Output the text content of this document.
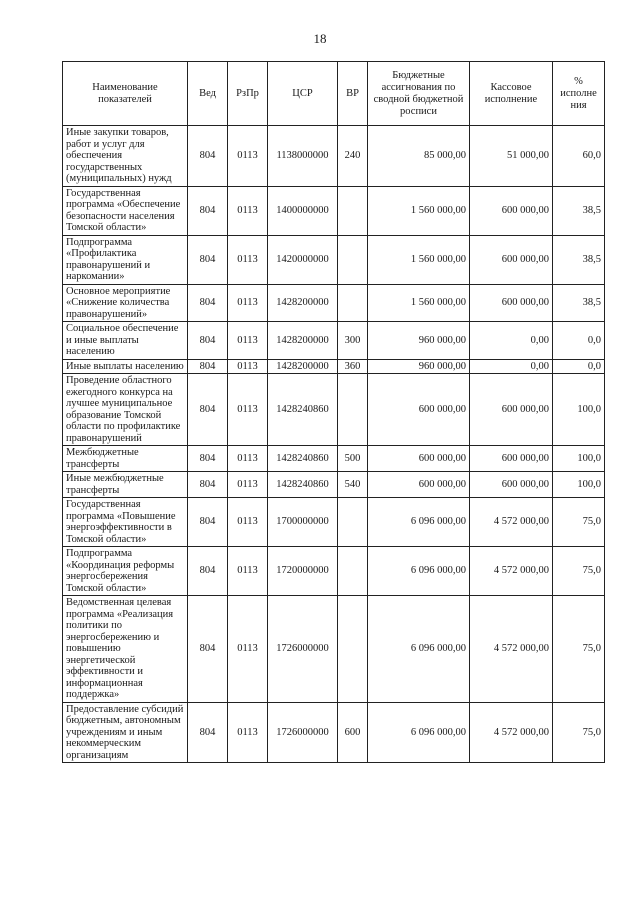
18
Наименование показателей	Вед	РзПр	ЦСР	ВР	Бюджетные ассигнования по сводной бюджетной росписи	Кассовое исполнение	% исполне ния
Иные закупки товаров, работ и услуг для обеспечения государственных (муниципальных) нужд	804	0113	1138000000	240	85 000,00	51 000,00	60,0
Государственная программа «Обеспечение безопасности населения Томской области»	804	0113	1400000000		1 560 000,00	600 000,00	38,5
Подпрограмма «Профилактика правонарушений и наркомании»	804	0113	1420000000		1 560 000,00	600 000,00	38,5
Основное мероприятие «Снижение количества правонарушений»	804	0113	1428200000		1 560 000,00	600 000,00	38,5
Социальное обеспечение и иные выплаты населению	804	0113	1428200000	300	960 000,00	0,00	0,0
Иные выплаты населению	804	0113	1428200000	360	960 000,00	0,00	0,0
Проведение областного ежегодного конкурса на лучшее муниципальное образование Томской области по профилактике правонарушений	804	0113	1428240860		600 000,00	600 000,00	100,0
Межбюджетные трансферты	804	0113	1428240860	500	600 000,00	600 000,00	100,0
Иные межбюджетные трансферты	804	0113	1428240860	540	600 000,00	600 000,00	100,0
Государственная программа «Повышение энергоэффективности в Томской области»	804	0113	1700000000		6 096 000,00	4 572 000,00	75,0
Подпрограмма «Координация реформы энергосбережения Томской области»	804	0113	1720000000		6 096 000,00	4 572 000,00	75,0
Ведомственная целевая программа «Реализация политики по энергосбережению и повышению энергетической эффективности и информационная поддержка»	804	0113	1726000000		6 096 000,00	4 572 000,00	75,0
Предоставление субсидий бюджетным, автономным учреждениям и иным некоммерческим организациям	804	0113	1726000000	600	6 096 000,00	4 572 000,00	75,0
